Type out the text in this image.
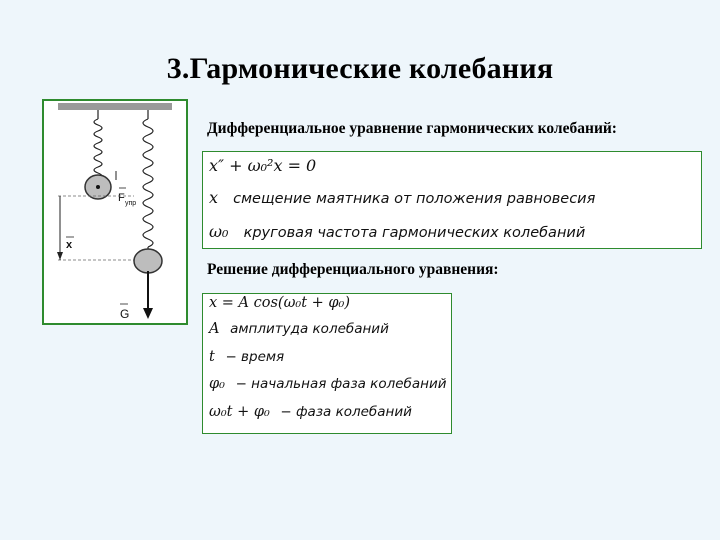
3.Гармонические колебания
F упр
x
G
Дифференциальное уравнение гармонических колебаний:
x″ + ω₀²x = 0
x смещение маятника от положения равновесия
ω₀ круговая частота гармонических колебаний
Решение дифференциального уравнения:
x = A cos(ω₀t + φ₀)
A амплитуда колебаний
t − время
φ₀ − начальная фаза колебаний
ω₀t + φ₀ − фаза колебаний
